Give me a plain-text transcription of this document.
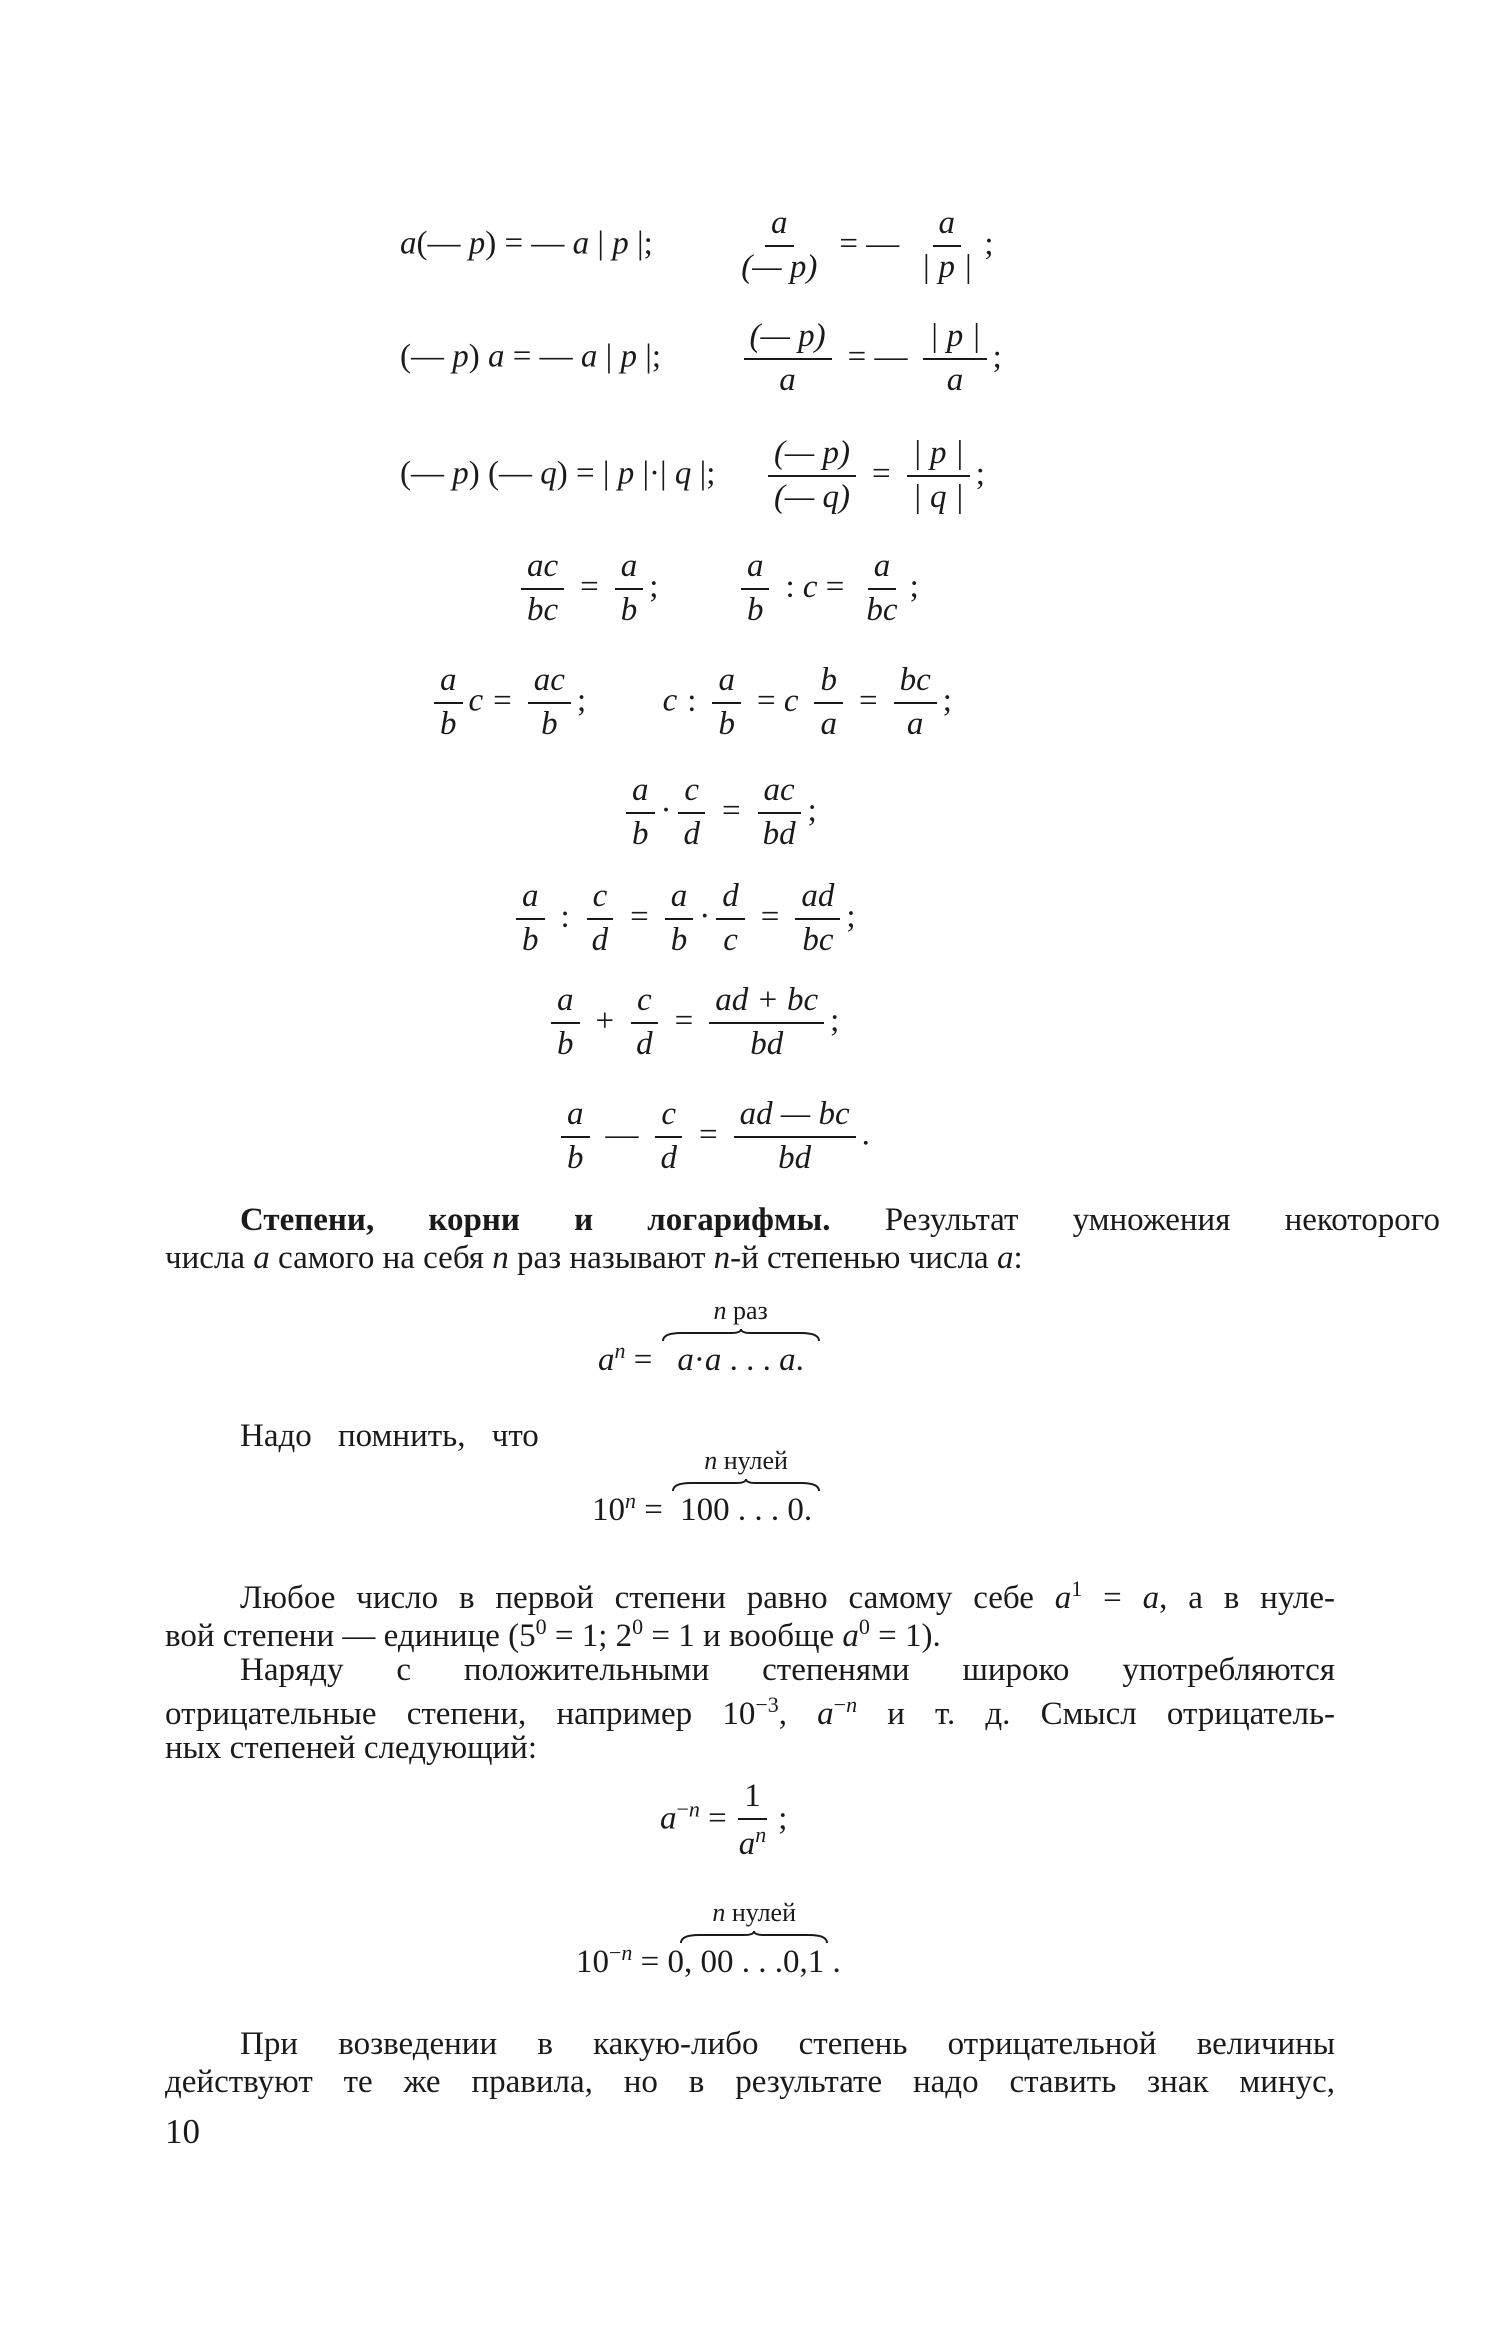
a(— p) = — a | p |;	$\frac{a}{(— p)}$ = — $\frac{a}{| p |}$ ;
(— p) a = — a | p |;	$\frac{(— p)}{a}$ = — $\frac{| p |}{a}$ ;
(— p) (— q) = | p |·| q |; $\frac{(— p)}{(— q)} = \frac{| p |}{| q |}$ ;
$\frac{ac}{bc} = \frac{a}{b}$ ; $\frac{a}{b}$ : $c = \frac{a}{bc}$ ;
$\frac{a}{b}$ $c = \frac{ac}{b}$ ;  c : $\frac{a}{b} = c \frac{b}{a} = \frac{bc}{a}$ ;
$\frac{a}{b} \cdot \frac{c}{d} = \frac{ac}{bd}$ ;
$\frac{a}{b}$ : $\frac{c}{d} = \frac{a}{b} \cdot \frac{d}{c} = \frac{ad}{bc}$ ;
$\frac{a}{b} + \frac{c}{d} = \frac{ad + bc}{bd}$ ;
$\frac{a}{b}$ — $\frac{c}{d} = \frac{ad — bc}{bd}$ .
Степени, корни и логарифмы. Результат умножения некоторого
числа a самого на себя n раз называют n-й степенью числа a:
$a^n$ =
n раз
a·a . . . a.
Надо помнить, что
$10^n$ =
n нулей
100 . . . 0.
Любое число в первой степени равно самому себе $a^1 = a$, а в нуле-
вой степени — единице ($5^0 = 1$; $2^0 = 1$ и вообще $a^0 = 1$).
Наряду с положительными степенями широко употребляются
отрицательные степени, например $10^{-3}$, $a^{-n}$ и т. д. Смысл отрицатель-
ных степеней следующий:
$a^{-n} = \frac{1}{a^n}$ ;
$10^{-n}$ =
n нулей
0, 00 . . .0,1 .
При возведении в какую-либо степень отрицательной величины
действуют те же правила, но в результате надо ставить знак минус,
10
